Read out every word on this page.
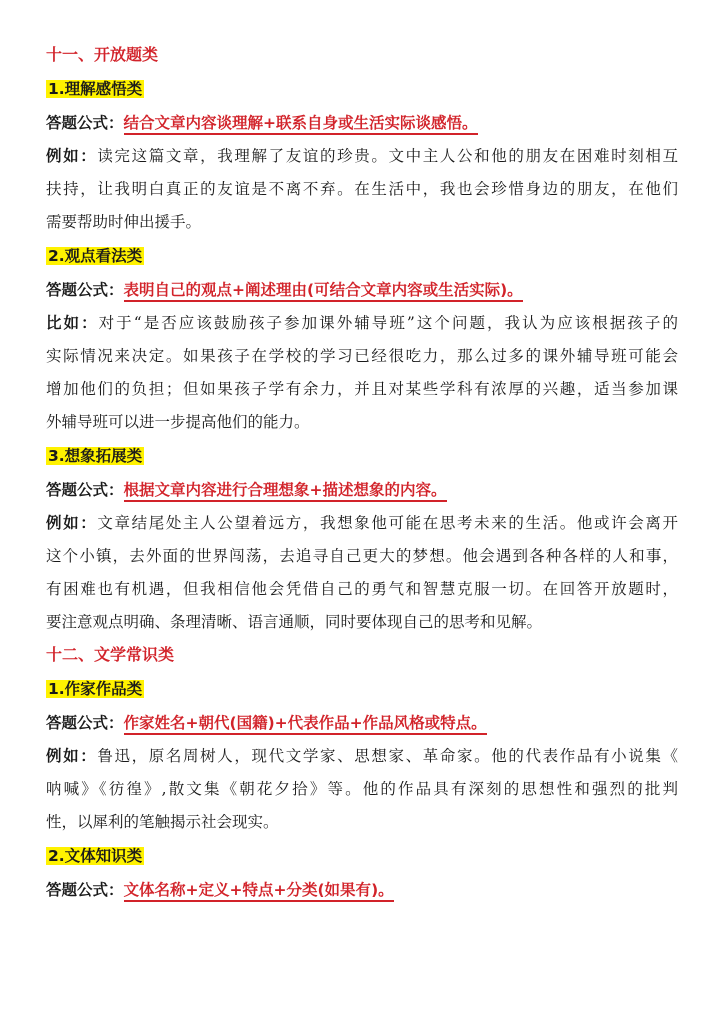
十一、开放题类
1.理解感悟类
答题公式：结合文章内容谈理解+联系自身或生活实际谈感悟。
例如：读完这篇文章，我理解了友谊的珍贵。文中主人公和他的朋友在困难时刻相互
扶持，让我明白真正的友谊是不离不弃。在生活中，我也会珍惜身边的朋友，在他们
需要帮助时伸出援手。
2.观点看法类
答题公式：表明自己的观点+阐述理由(可结合文章内容或生活实际)。
比如：对于“是否应该鼓励孩子参加课外辅导班”这个问题，我认为应该根据孩子的
实际情况来决定。如果孩子在学校的学习已经很吃力，那么过多的课外辅导班可能会
增加他们的负担；但如果孩子学有余力，并且对某些学科有浓厚的兴趣，适当参加课
外辅导班可以进一步提高他们的能力。
3.想象拓展类
答题公式：根据文章内容进行合理想象+描述想象的内容。
例如：文章结尾处主人公望着远方，我想象他可能在思考未来的生活。他或许会离开
这个小镇，去外面的世界闯荡，去追寻自己更大的梦想。他会遇到各种各样的人和事，
有困难也有机遇，但我相信他会凭借自己的勇气和智慧克服一切。在回答开放题时，
要注意观点明确、条理清晰、语言通顺，同时要体现自己的思考和见解。
十二、文学常识类
1.作家作品类
答题公式：作家姓名+朝代(国籍)+代表作品+作品风格或特点。
例如：鲁迅，原名周树人，现代文学家、思想家、革命家。他的代表作品有小说集《
呐喊》《彷徨》,散文集《朝花夕拾》等。他的作品具有深刻的思想性和强烈的批判
性，以犀利的笔触揭示社会现实。
2.文体知识类
答题公式：文体名称+定义+特点+分类(如果有)。
